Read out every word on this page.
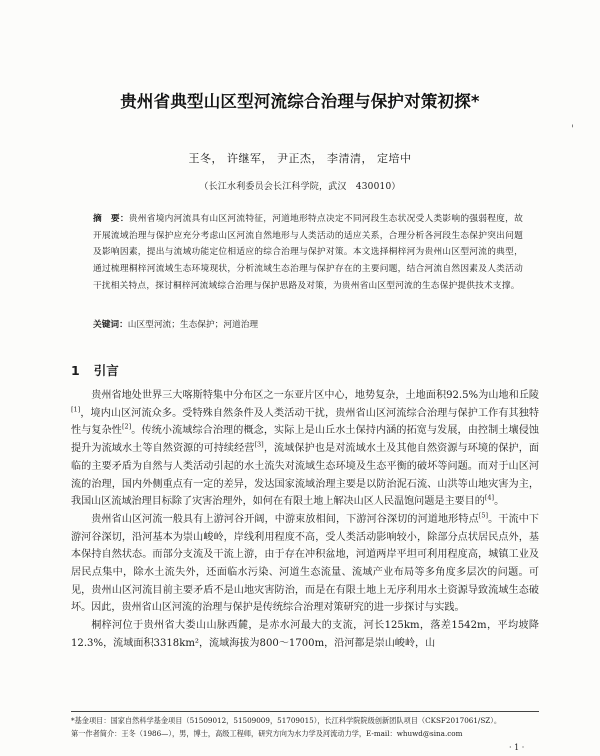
'
贵州省典型山区型河流综合治理与保护对策初探*
王冬， 许继军， 尹正杰， 李清清， 定培中
（长江水利委员会长江科学院，武汉　430010）
摘　要：贵州省境内河流具有山区河流特征，河道地形特点决定不同河段生态状况受人类影响的强弱程度，故开展流域治理与保护应充分考虑山区河流自然地形与人类活动的适应关系，合理分析各河段生态保护突出问题及影响因素，提出与流域功能定位相适应的综合治理与保护对策。本文选择桐梓河为贵州山区型河流的典型，通过梳理桐梓河流域生态环境现状，分析流域生态治理与保护存在的主要问题，结合河流自然因素及人类活动干扰相关特点，探讨桐梓河流域综合治理与保护思路及对策，为贵州省山区型河流的生态保护提供技术支撑。
关键词：山区型河流；生态保护；河道治理
1 引言

贵州省地处世界三大喀斯特集中分布区之一东亚片区中心，地势复杂，土地面积92.5%为山地和丘陵[1]，境内山区河流众多。受特殊自然条件及人类活动干扰，贵州省山区河流综合治理与保护工作有其独特性与复杂性[2]。传统小流域综合治理的概念，实际上是山丘水土保持内涵的拓宽与发展，由控制土壤侵蚀提升为流域水土等自然资源的可持续经营[3]，流域保护也是对流域水土及其他自然资源与环境的保护，面临的主要矛盾为自然与人类活动引起的水土流失对流域生态环境及生态平衡的破坏等问题。而对于山区河流的治理，国内外侧重点有一定的差异，发达国家流域治理主要是以防治泥石流、山洪等山地灾害为主，我国山区流域治理目标除了灾害治理外，如何在有限土地上解决山区人民温饱问题是主要目的[4]。

贵州省山区河流一般具有上游河谷开阔，中游束放相间，下游河谷深切的河道地形特点[5]。干流中下游河谷深切，沿河基本为崇山峻岭，岸线利用程度不高，受人类活动影响较小，除部分点状居民点外，基本保持自然状态。而部分支流及干流上游，由于存在冲积盆地，河道两岸平坦可利用程度高，城镇工业及居民点集中，除水土流失外，还面临水污染、河道生态流量、流域产业布局等多角度多层次的问题。可见，贵州山区河流目前主要矛盾不是山地灾害防治，而是在有限土地上无序利用水土资源导致流域生态破坏。因此，贵州省山区河流的治理与保护是传统综合治理对策研究的进一步探讨与实践。

桐梓河位于贵州省大娄山山脉西麓，是赤水河最大的支流，河长125km，落差1542m，平均坡降12.3%，流域面积3318km²，流域海拔为800～1700m，沿河都是崇山峻岭，山

*基金项目：国家自然科学基金项目（51509012，51509009，51709015），长江科学院院级创新团队项目（CKSF2017061/SZ）。
第一作者简介：王冬（1986—），男，博士，高级工程师，研究方向为水力学及河流动力学，E-mail：whuwd@sina.com
· 1 ·
